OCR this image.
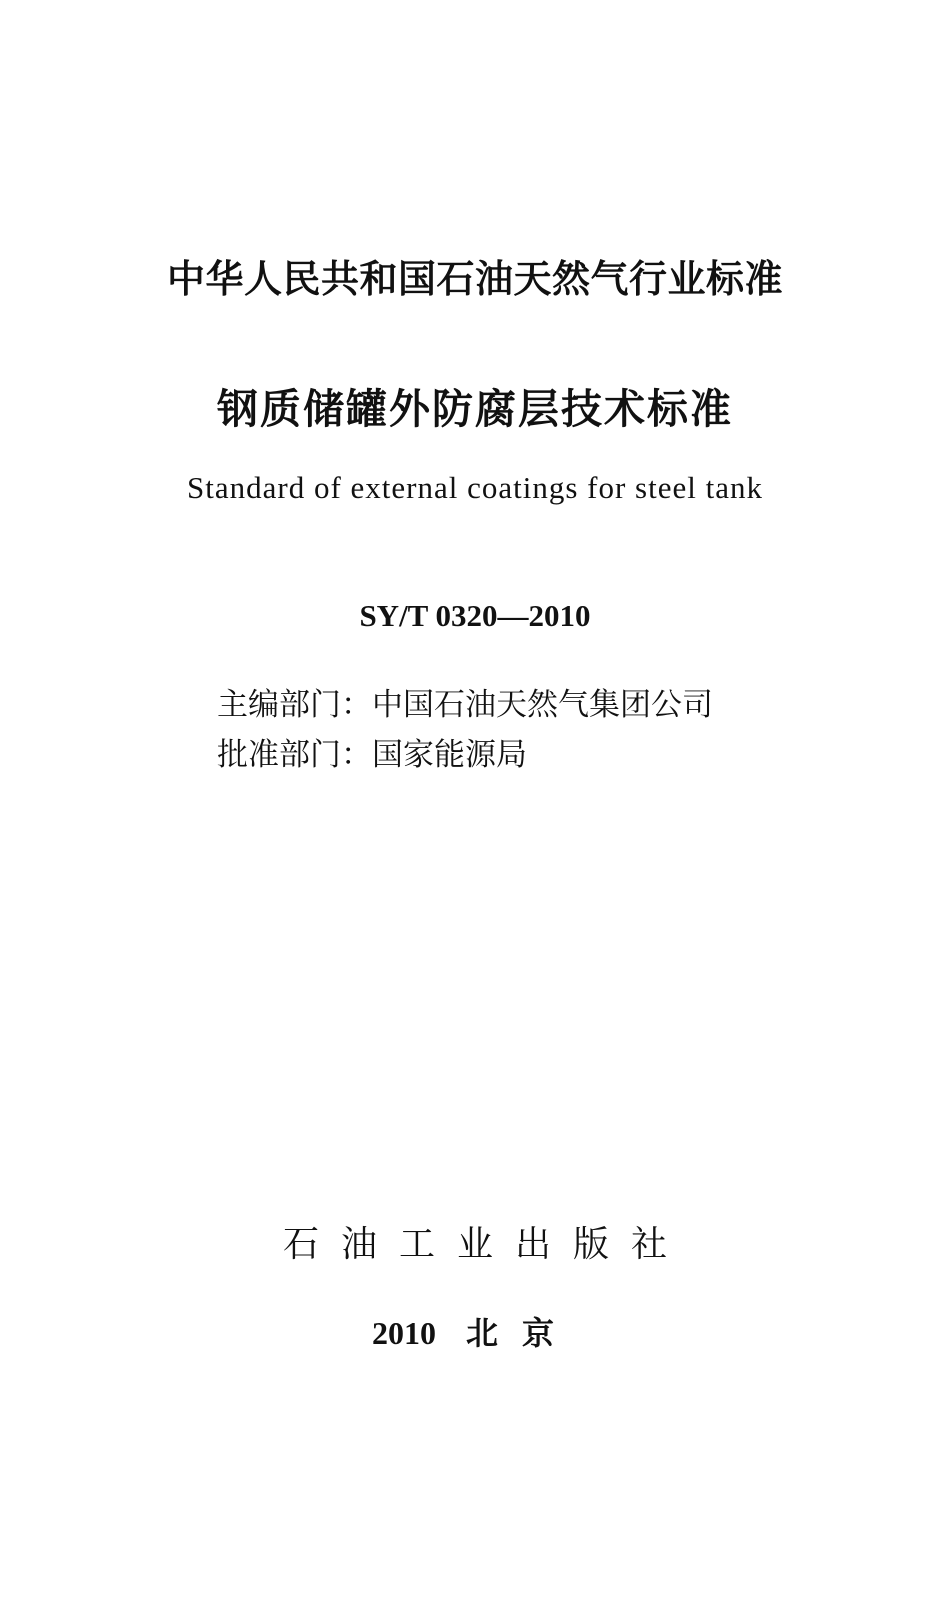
中华人民共和国石油天然气行业标准
钢质储罐外防腐层技术标准
Standard of external coatings for steel tank
SY/T 0320—2010
主编部门：中国石油天然气集团公司
批准部门：国家能源局
石油工业出版社
2010 北京
